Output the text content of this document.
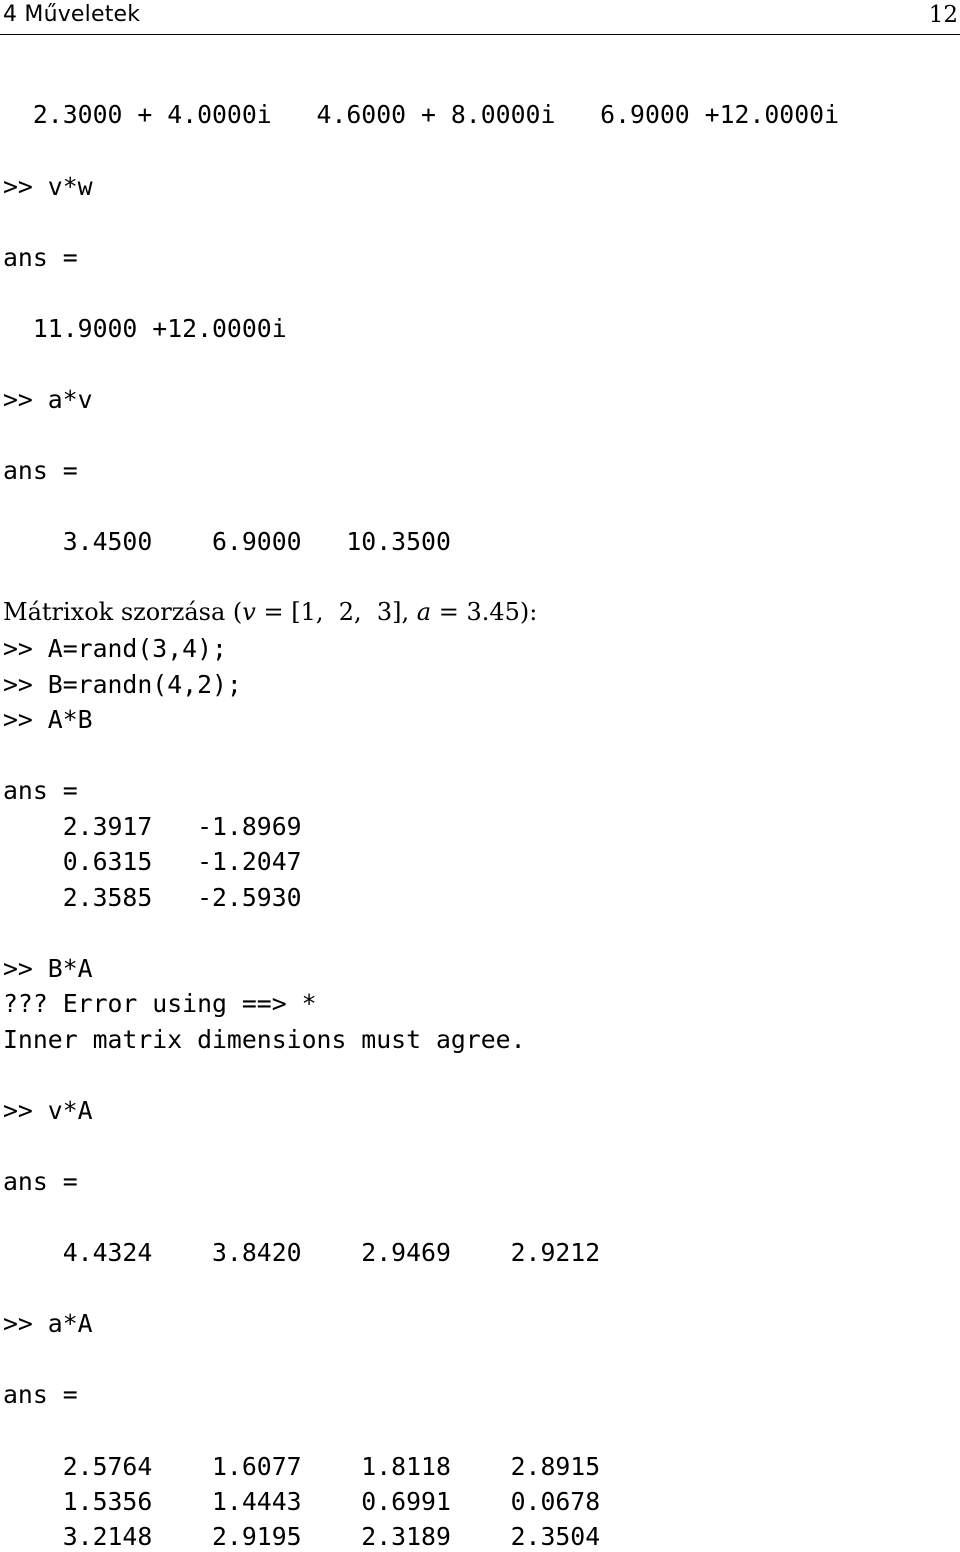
4 Műveletek	12
2.3000 + 4.0000i   4.6000 + 8.0000i   6.9000 +12.0000i
>> v*w
ans =
11.9000 +12.0000i
>> a*v
ans =
3.4500    6.9000   10.3500
Mátrixok szorzása (v = [1,  2,  3], a = 3.45):
>> A=rand(3,4);
>> B=randn(4,2);
>> A*B
ans =
2.3917   -1.8969
0.6315   -1.2047
2.3585   -2.5930
>> B*A
??? Error using ==> *
Inner matrix dimensions must agree.
>> v*A
ans =
4.4324    3.8420    2.9469    2.9212
>> a*A
ans =
2.5764    1.6077    1.8118    2.8915
1.5356    1.4443    0.6991    0.0678
3.2148    2.9195    2.3189    2.3504
